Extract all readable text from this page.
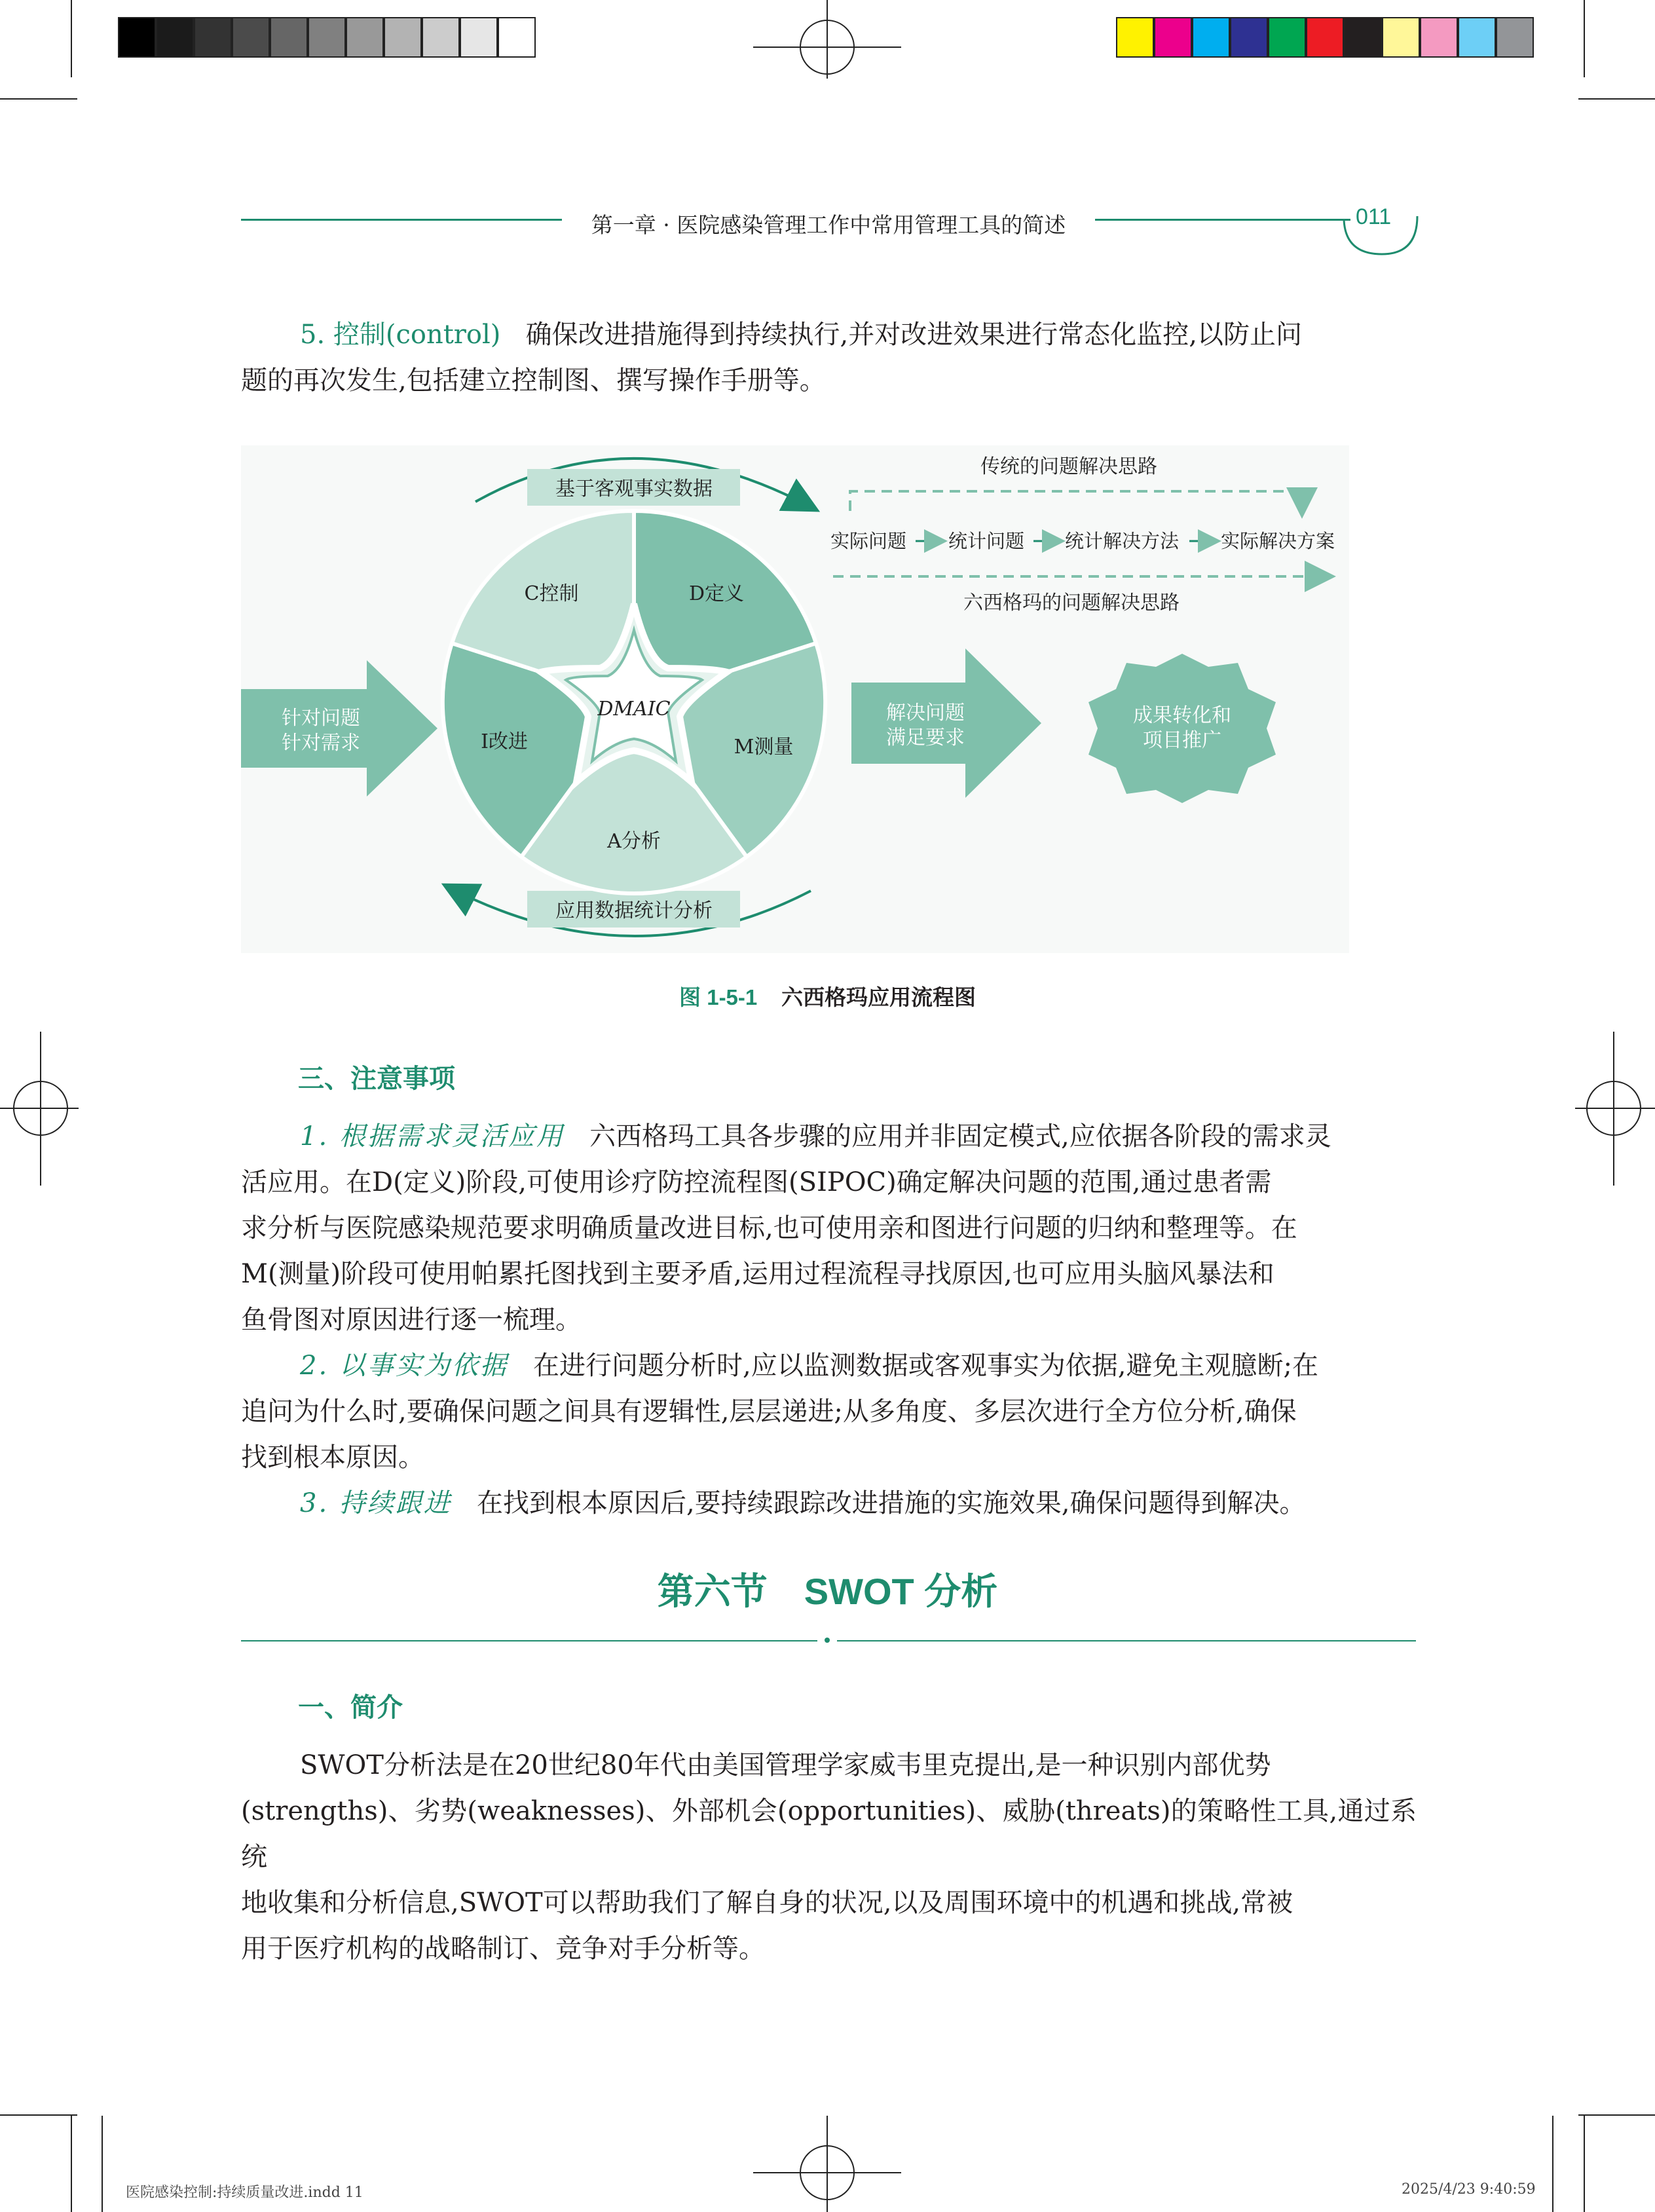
第一章 · 医院感染管理工作中常用管理工具的简述	011
5. 控制(control) 确保改进措施得到持续执行,并对改进效果进行常态化监控,以防止问
题的再次发生,包括建立控制图、撰写操作手册等。
基于客观事实数据
应用数据统计分析
DMAIC
D定义
M测量
A分析
I改进
C控制
针对问题
针对需求
传统的问题解决思路
实际问题 统计问题 统计解决方法 实际解决方案
六西格玛的问题解决思路
解决问题
满足要求
成果转化和
项目推广
图 1-5-1 六西格玛应用流程图
三、注意事项
1. 根据需求灵活应用 六西格玛工具各步骤的应用并非固定模式,应依据各阶段的需求灵
活应用。在D(定义)阶段,可使用诊疗防控流程图(SIPOC)确定解决问题的范围,通过患者需
求分析与医院感染规范要求明确质量改进目标,也可使用亲和图进行问题的归纳和整理等。在
M(测量)阶段可使用帕累托图找到主要矛盾,运用过程流程寻找原因,也可应用头脑风暴法和
鱼骨图对原因进行逐一梳理。
2. 以事实为依据 在进行问题分析时,应以监测数据或客观事实为依据,避免主观臆断;在
追问为什么时,要确保问题之间具有逻辑性,层层递进;从多角度、多层次进行全方位分析,确保
找到根本原因。
3. 持续跟进 在找到根本原因后,要持续跟踪改进措施的实施效果,确保问题得到解决。
第六节　SWOT 分析
一、简介
SWOT分析法是在20世纪80年代由美国管理学家威韦里克提出,是一种识别内部优势
(strengths)、劣势(weaknesses)、外部机会(opportunities)、威胁(threats)的策略性工具,通过系统
地收集和分析信息,SWOT可以帮助我们了解自身的状况,以及周围环境中的机遇和挑战,常被
用于医疗机构的战略制订、竞争对手分析等。
医院感染控制:持续质量改进.indd 11	2025/4/23 9:40:59
